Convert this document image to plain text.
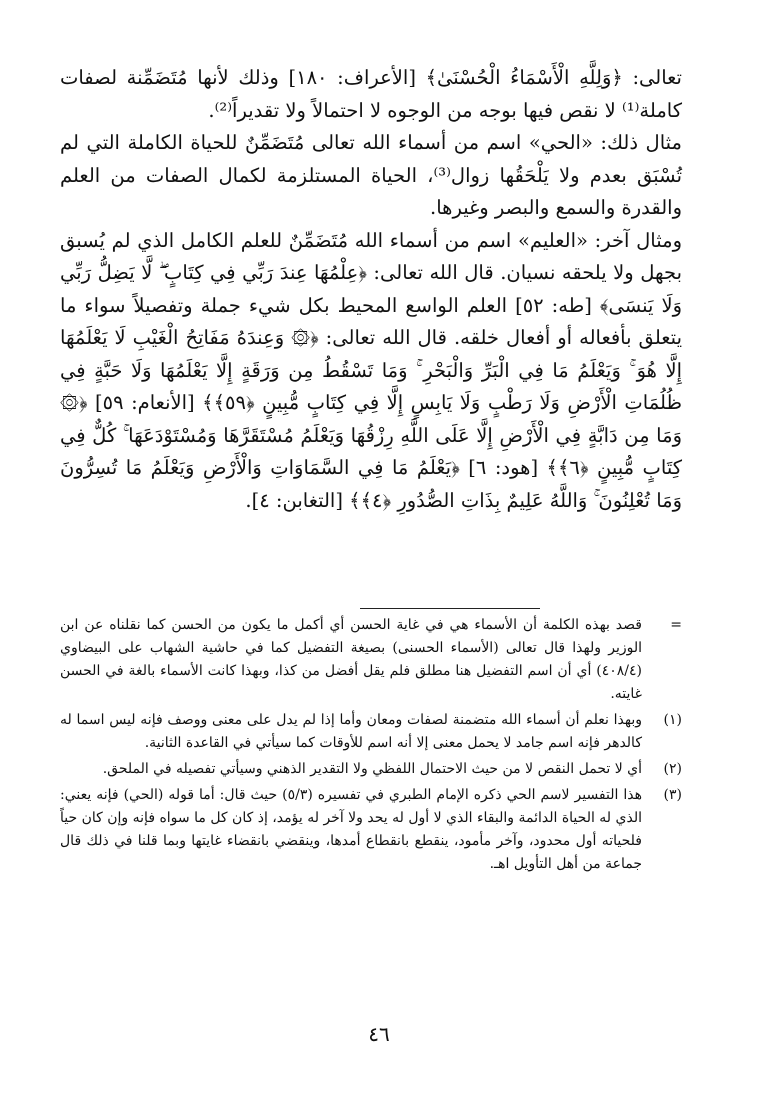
تعالى: ﴿وَلِلَّهِ الْأَسْمَاءُ الْحُسْنَىٰ﴾ [الأعراف: ١٨٠] وذلك لأنها مُتَضَمِّنة لصفات كاملة⁽¹⁾ لا نقص فيها بوجه من الوجوه لا احتمالاً ولا تقديراً⁽²⁾.

مثال ذلك: «الحي» اسم من أسماء الله تعالى مُتَضَمِّنٌ للحياة الكاملة التي لم تُسْبَق بعدم ولا يَلْحَقُها زوال⁽³⁾، الحياة المستلزمة لكمال الصفات من العلم والقدرة والسمع والبصر وغيرها.

ومثال آخر: «العليم» اسم من أسماء الله مُتَضَمِّنٌ للعلم الكامل الذي لم يُسبق بجهل ولا يلحقه نسيان. قال الله تعالى: ﴿عِلْمُهَا عِندَ رَبِّي فِي كِتَابٍ ۖ لَّا يَضِلُّ رَبِّي وَلَا يَنسَى﴾ [طه: ٥٢] العلم الواسع المحيط بكل شيء جملة وتفصيلاً سواء ما يتعلق بأفعاله أو أفعال خلقه. قال الله تعالى: ﴿۞ وَعِندَهُ مَفَاتِحُ الْغَيْبِ لَا يَعْلَمُهَا إِلَّا هُوَ ۚ وَيَعْلَمُ مَا فِي الْبَرِّ وَالْبَحْرِ ۚ وَمَا تَسْقُطُ مِن وَرَقَةٍ إِلَّا يَعْلَمُهَا وَلَا حَبَّةٍ فِي ظُلُمَاتِ الْأَرْضِ وَلَا رَطْبٍ وَلَا يَابِسٍ إِلَّا فِي كِتَابٍ مُّبِينٍ ﴿٥٩﴾﴾ [الأنعام: ٥٩] ﴿۞ وَمَا مِن دَابَّةٍ فِي الْأَرْضِ إِلَّا عَلَى اللَّهِ رِزْقُهَا وَيَعْلَمُ مُسْتَقَرَّهَا وَمُسْتَوْدَعَهَا ۚ كُلٌّ فِي كِتَابٍ مُّبِينٍ ﴿٦﴾﴾ [هود: ٦] ﴿يَعْلَمُ مَا فِي السَّمَاوَاتِ وَالْأَرْضِ وَيَعْلَمُ مَا تُسِرُّونَ وَمَا تُعْلِنُونَ ۚ وَاللَّهُ عَلِيمٌ بِذَاتِ الصُّدُورِ ﴿٤﴾﴾ [التغابن: ٤].

=
قصد بهذه الكلمة أن الأسماء هي في غاية الحسن أي أكمل ما يكون من الحسن كما نقلناه عن ابن الوزير ولهذا قال تعالى (الأسماء الحسنى) بصيغة التفضيل كما في حاشية الشهاب على البيضاوي (٤٠٨/٤) أي أن اسم التفضيل هنا مطلق فلم يقل أفضل من كذا، وبهذا كانت الأسماء بالغة في الحسن غايته.
(١)
وبهذا نعلم أن أسماء الله متضمنة لصفات ومعان وأما إذا لم يدل على معنى ووصف فإنه ليس اسما له كالدهر فإنه اسم جامد لا يحمل معنى إلا أنه اسم للأوقات كما سيأتي في القاعدة الثانية.
(٢)
أي لا تحمل النقص لا من حيث الاحتمال اللفظي ولا التقدير الذهني وسيأتي تفصيله في الملحق.
(٣)
هذا التفسير لاسم الحي ذكره الإمام الطبري في تفسيره (٥/٣) حيث قال: أما قوله (الحي) فإنه يعني: الذي له الحياة الدائمة والبقاء الذي لا أول له يحد ولا آخر له يؤمد، إذ كان كل ما سواه فإنه وإن كان حياً فلحياته أول محدود، وآخر مأمود، ينقطع بانقطاع أمدها، وينقضي بانقضاء غايتها وبما قلنا في ذلك قال جماعة من أهل التأويل اهـ.
٤٦
